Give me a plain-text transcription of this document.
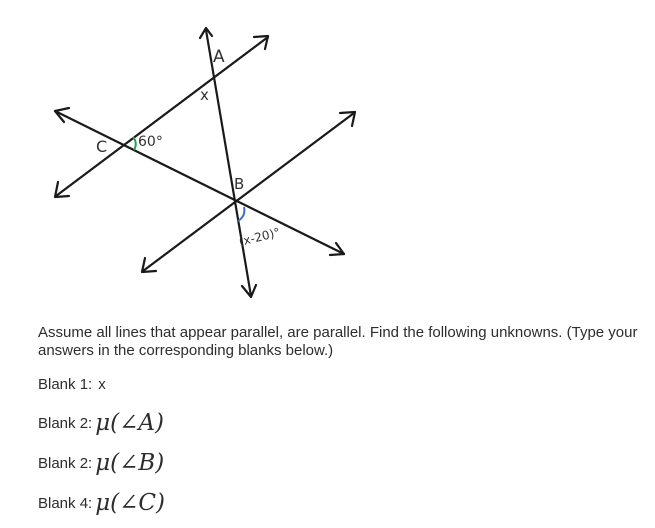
A
x
C 60°
B
(x-20)°

Assume all lines that appear parallel, are parallel. Find the following unknowns. (Type your answers in the corresponding blanks below.)

Blank 1: x
Blank 2: μ(∠A)
Blank 2: μ(∠B)
Blank 4: μ(∠C)
